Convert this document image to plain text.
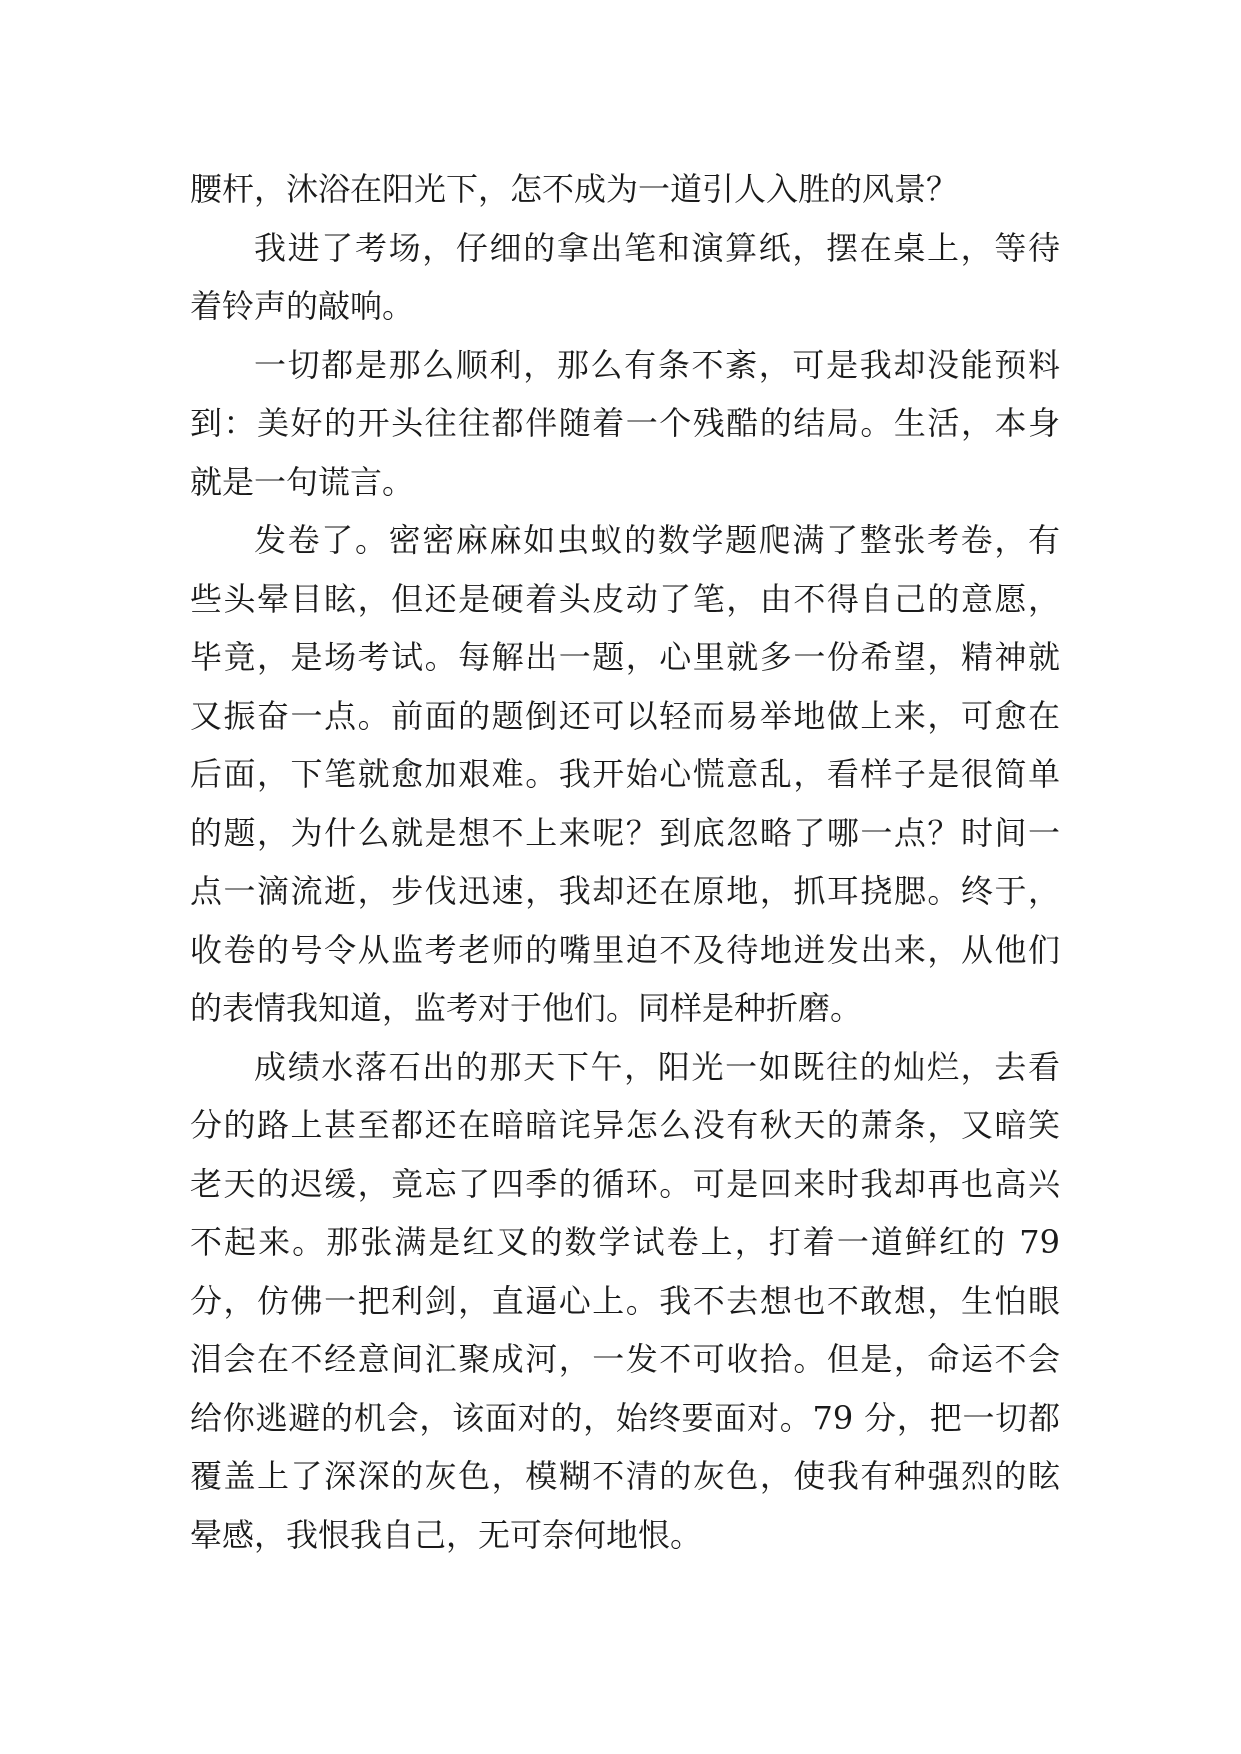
腰杆，沐浴在阳光下，怎不成为一道引人入胜的风景？
我进了考场，仔细的拿出笔和演算纸，摆在桌上，等待
着铃声的敲响。
一切都是那么顺利，那么有条不紊，可是我却没能预料
到：美好的开头往往都伴随着一个残酷的结局。生活，本身
就是一句谎言。
发卷了。密密麻麻如虫蚁的数学题爬满了整张考卷，有
些头晕目眩，但还是硬着头皮动了笔，由不得自己的意愿，
毕竟，是场考试。每解出一题，心里就多一份希望，精神就
又振奋一点。前面的题倒还可以轻而易举地做上来，可愈在
后面，下笔就愈加艰难。我开始心慌意乱，看样子是很简单
的题，为什么就是想不上来呢？到底忽略了哪一点？时间一
点一滴流逝，步伐迅速，我却还在原地，抓耳挠腮。终于，
收卷的号令从监考老师的嘴里迫不及待地迸发出来，从他们
的表情我知道，监考对于他们。同样是种折磨。
成绩水落石出的那天下午，阳光一如既往的灿烂，去看
分的路上甚至都还在暗暗诧异怎么没有秋天的萧条，又暗笑
老天的迟缓，竟忘了四季的循环。可是回来时我却再也高兴
不起来。那张满是红叉的数学试卷上，打着一道鲜红的 79
分，仿佛一把利剑，直逼心上。我不去想也不敢想，生怕眼
泪会在不经意间汇聚成河，一发不可收拾。但是，命运不会
给你逃避的机会，该面对的，始终要面对。79 分，把一切都
覆盖上了深深的灰色，模糊不清的灰色，使我有种强烈的眩
晕感，我恨我自己，无可奈何地恨。
